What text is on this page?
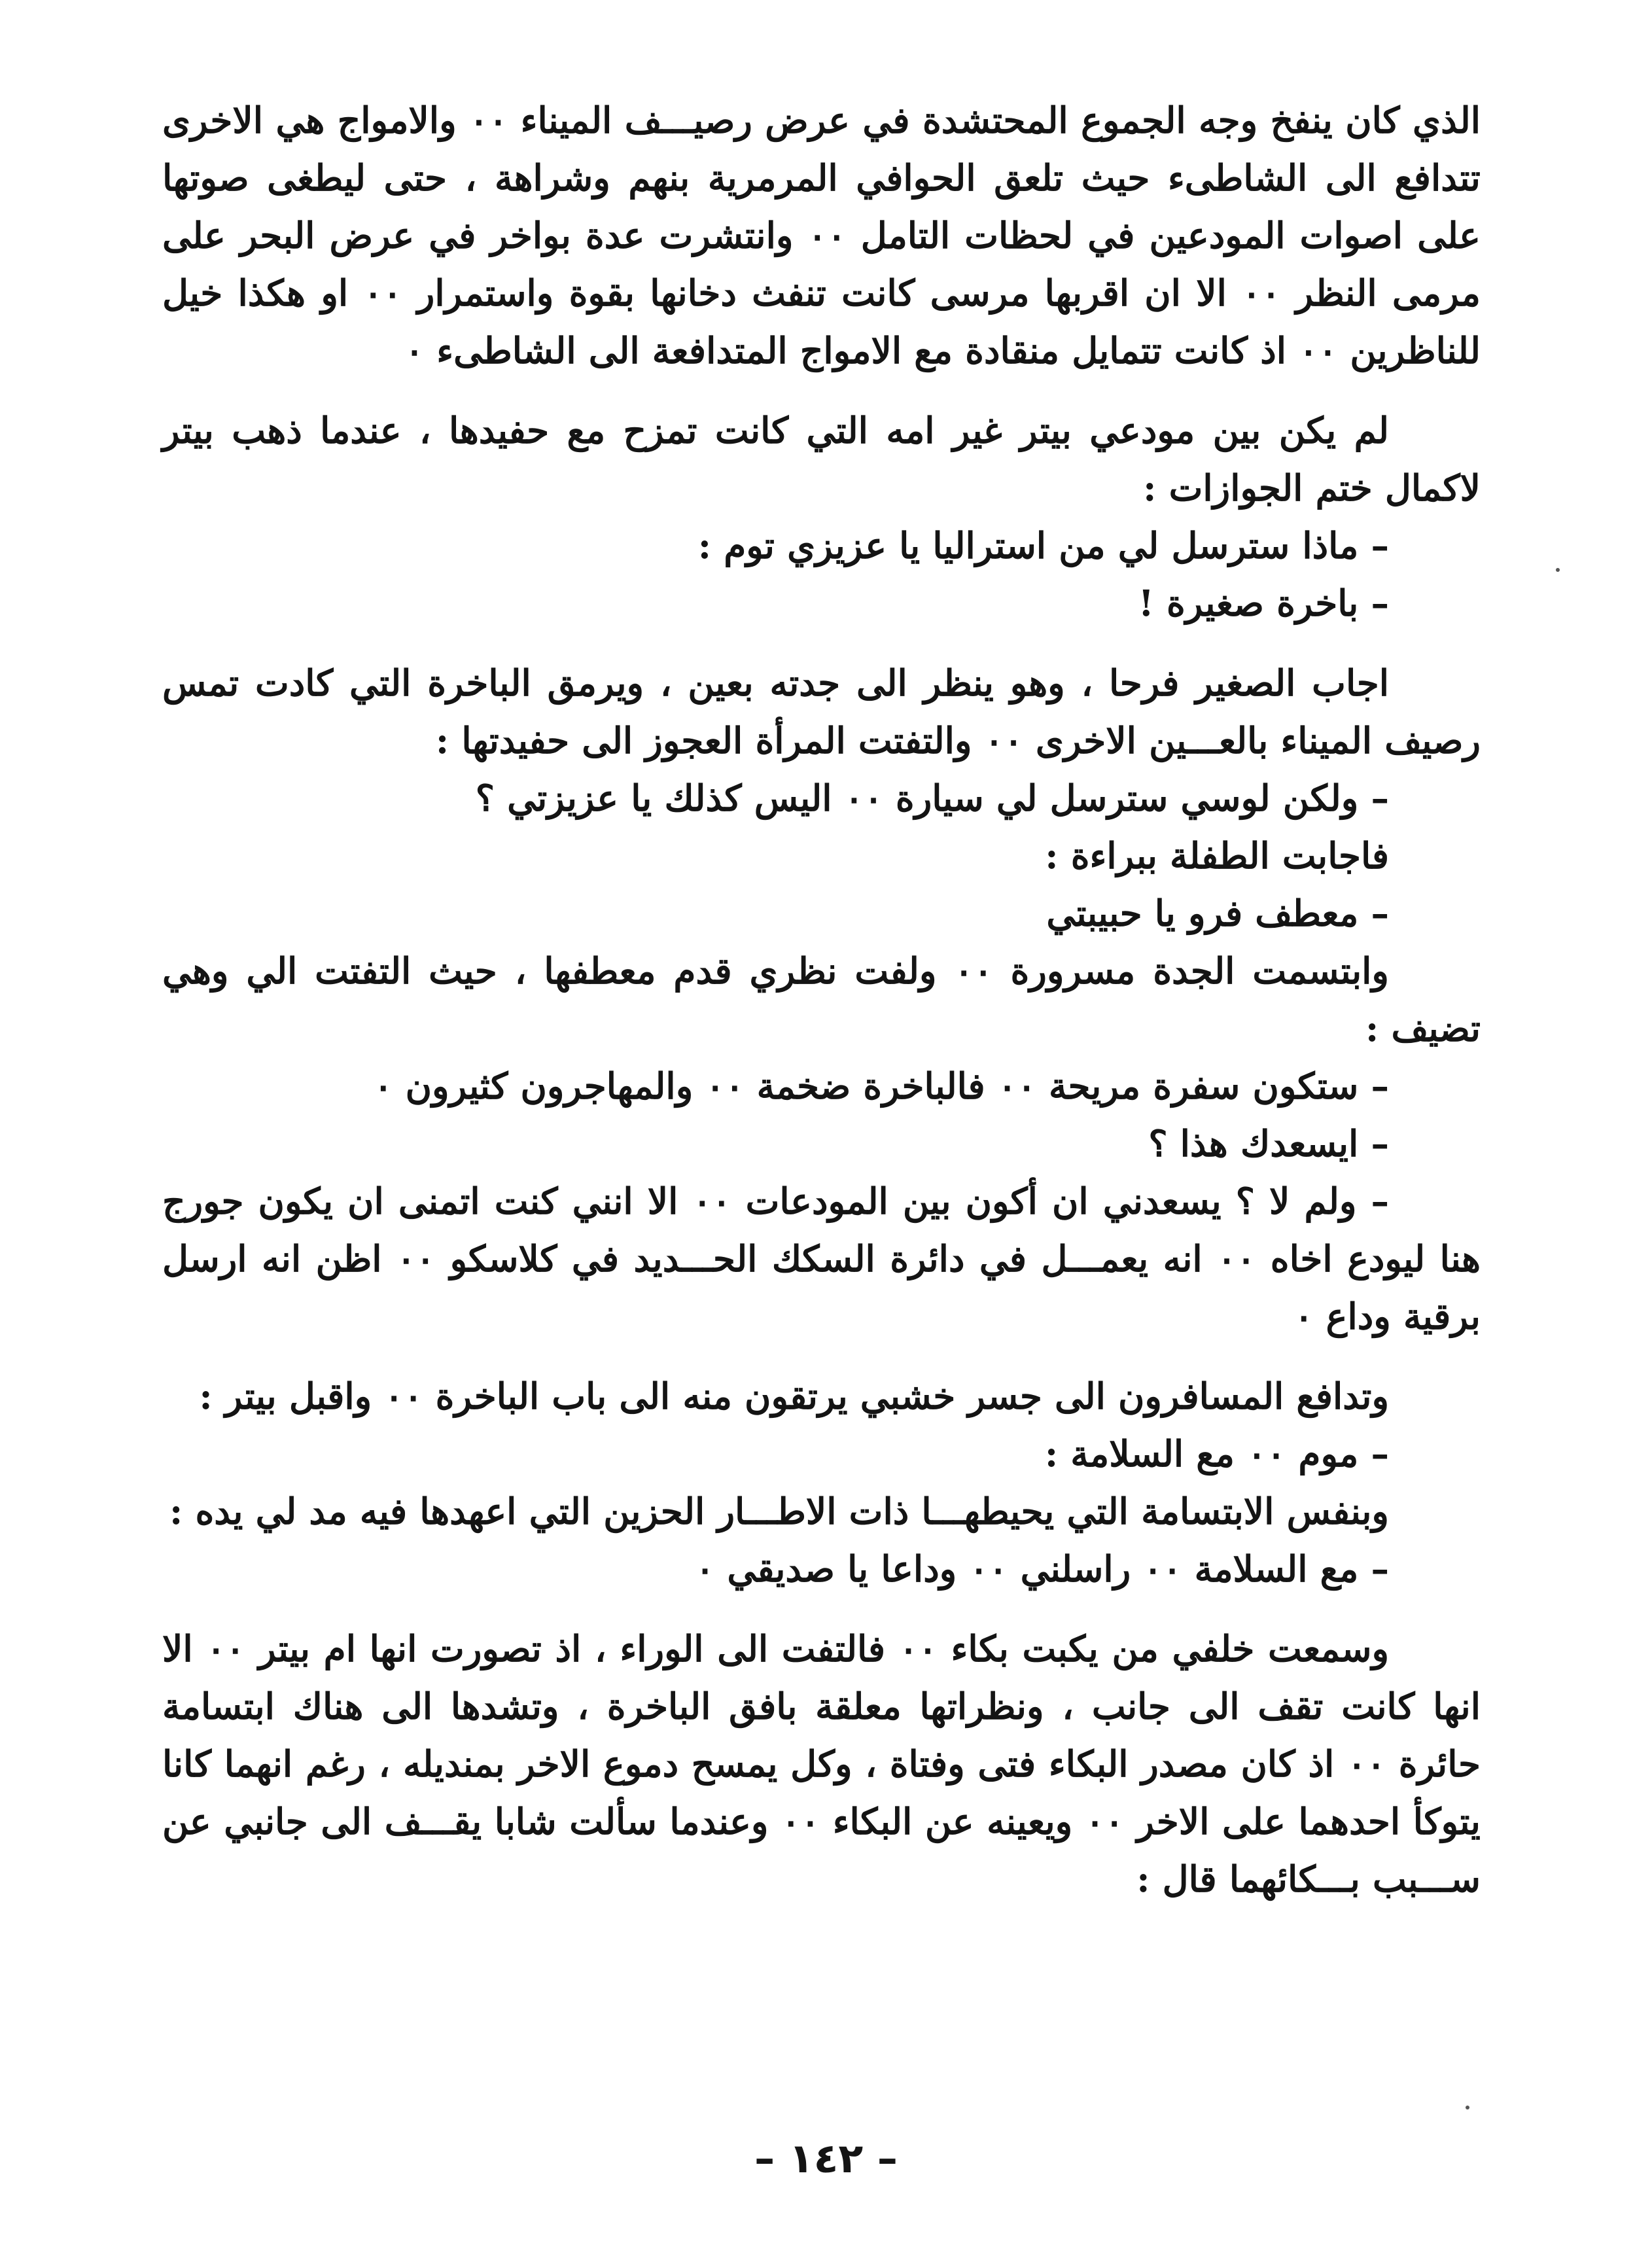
الذي كان ينفخ وجه الجموع المحتشدة في عرض رصيـــف الميناء ٠٠ والامواج هي الاخرى تتدافع الى الشاطىء حيث تلعق الحوافي المرمرية بنهم وشراهة ، حتى ليطغى صوتها على اصوات المودعين في لحظات التامل ٠٠ وانتشرت عدة بواخر في عرض البحر على مرمى النظر ٠٠ الا ان اقربها مرسى كانت تنفث دخانها بقوة واستمرار ٠٠ او هكذا خيل للناظرين ٠٠ اذ كانت تتمايل منقادة مع الامواج المتدافعة الى الشاطىء ٠

لم يكن بين مودعي بيتر غير امه التي كانت تمزح مع حفيدها ، عندما ذهب بيتر لاكمال ختم الجوازات :

– ماذا سترسل لي من استراليا يا عزيزي توم :

– باخرة صغيرة !

اجاب الصغير فرحا ، وهو ينظر الى جدته بعين ، ويرمق الباخرة التي كادت تمس رصيف الميناء بالعـــين الاخرى ٠٠ والتفتت المرأة العجوز الى حفيدتها :

– ولكن لوسي سترسل لي سيارة ٠٠ اليس كذلك يا عزيزتي ؟

فاجابت الطفلة ببراءة :

– معطف فرو يا حبيبتي

وابتسمت الجدة مسرورة ٠٠ ولفت نظري قدم معطفها ، حيث التفتت الي وهي تضيف :

– ستكون سفرة مريحة ٠٠ فالباخرة ضخمة ٠٠ والمهاجرون كثيرون ٠

– ايسعدك هذا ؟

– ولم لا ؟ يسعدني ان أكون بين المودعات ٠٠ الا انني كنت اتمنى ان يكون جورج هنا ليودع اخاه ٠٠ انه يعمـــل في دائرة السكك الحـــديد في كلاسكو ٠٠ اظن انه ارسل برقية وداع ٠

وتدافع المسافرون الى جسر خشبي يرتقون منه الى باب الباخرة ٠٠ واقبل بيتر :

– موم ٠٠ مع السلامة :

وبنفس الابتسامة التي يحيطهـــا ذات الاطـــار الحزين التي اعهدها فيه مد لي يده :

– مع السلامة ٠٠ راسلني ٠٠ وداعا يا صديقي ٠

وسمعت خلفي من يكبت بكاء ٠٠ فالتفت الى الوراء ، اذ تصورت انها ام بيتر ٠٠ الا انها كانت تقف الى جانب ، ونظراتها معلقة بافق الباخرة ، وتشدها الى هناك ابتسامة حائرة ٠٠ اذ كان مصدر البكاء فتى وفتاة ، وكل يمسح دموع الاخر بمنديله ، رغم انهما كانا يتوكأ احدهما على الاخر ٠٠ ويعينه عن البكاء ٠٠ وعندما سألت شابا يقـــف الى جانبي عن ســـبب بـــكائهما قال :

– ١٤٢ –
